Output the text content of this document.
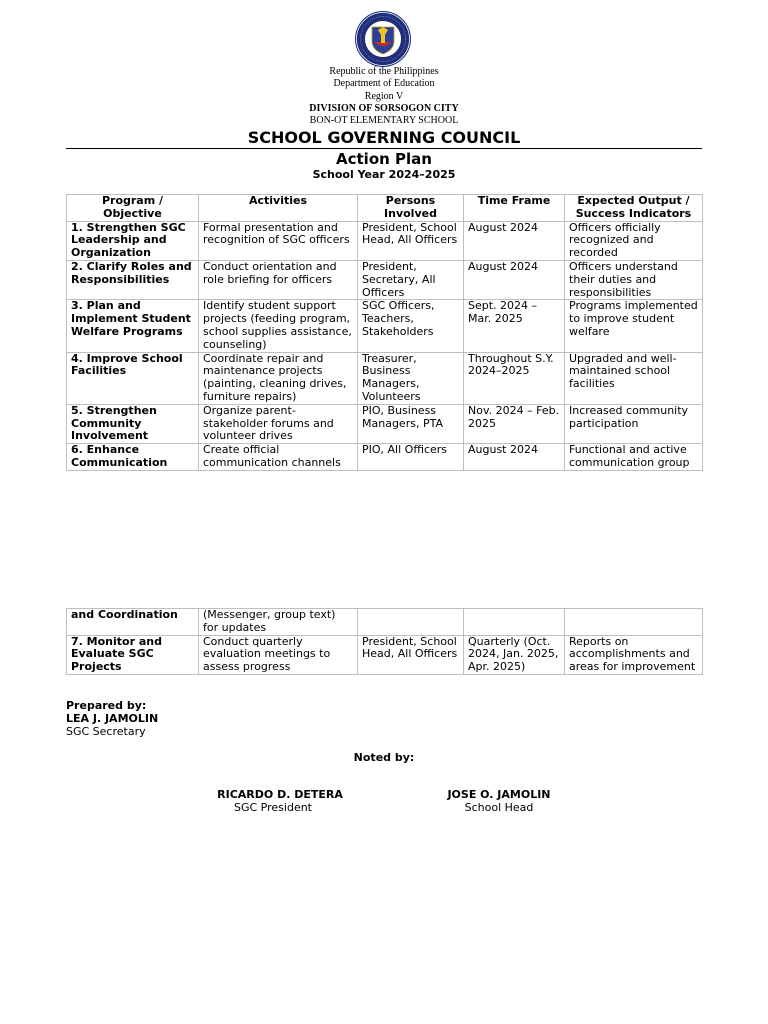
Republic of the Philippines
Department of Education
Region V
DIVISION OF SORSOGON CITY
BON-OT ELEMENTARY SCHOOL
SCHOOL GOVERNING COUNCIL
Action Plan
School Year 2024–2025
Program / Objective	Activities	Persons Involved	Time Frame	Expected Output / Success Indicators
1. Strengthen SGC Leadership and Organization	Formal presentation and recognition of SGC officers	President, School Head, All Officers	August 2024	Officers officially recognized and recorded
2. Clarify Roles and Responsibilities	Conduct orientation and role briefing for officers	President, Secretary, All Officers	August 2024	Officers understand their duties and responsibilities
3. Plan and Implement Student Welfare Programs	Identify student support projects (feeding program, school supplies assistance, counseling)	SGC Officers, Teachers, Stakeholders	Sept. 2024 – Mar. 2025	Programs implemented to improve student welfare
4. Improve School Facilities	Coordinate repair and maintenance projects (painting, cleaning drives, furniture repairs)	Treasurer, Business Managers, Volunteers	Throughout S.Y. 2024–2025	Upgraded and well-maintained school facilities
5. Strengthen Community Involvement	Organize parent-stakeholder forums and volunteer drives	PIO, Business Managers, PTA	Nov. 2024 – Feb. 2025	Increased community participation
6. Enhance Communication	Create official communication channels	PIO, All Officers	August 2024	Functional and active communication group
and Coordination	(Messenger, group text) for updates			
7. Monitor and Evaluate SGC Projects	Conduct quarterly evaluation meetings to assess progress	President, School Head, All Officers	Quarterly (Oct. 2024, Jan. 2025, Apr. 2025)	Reports on accomplishments and areas for improvement
Prepared by:
LEA J. JAMOLIN
SGC Secretary
Noted by:
RICARDO D. DETERA
SGC President
JOSE O. JAMOLIN
School Head
